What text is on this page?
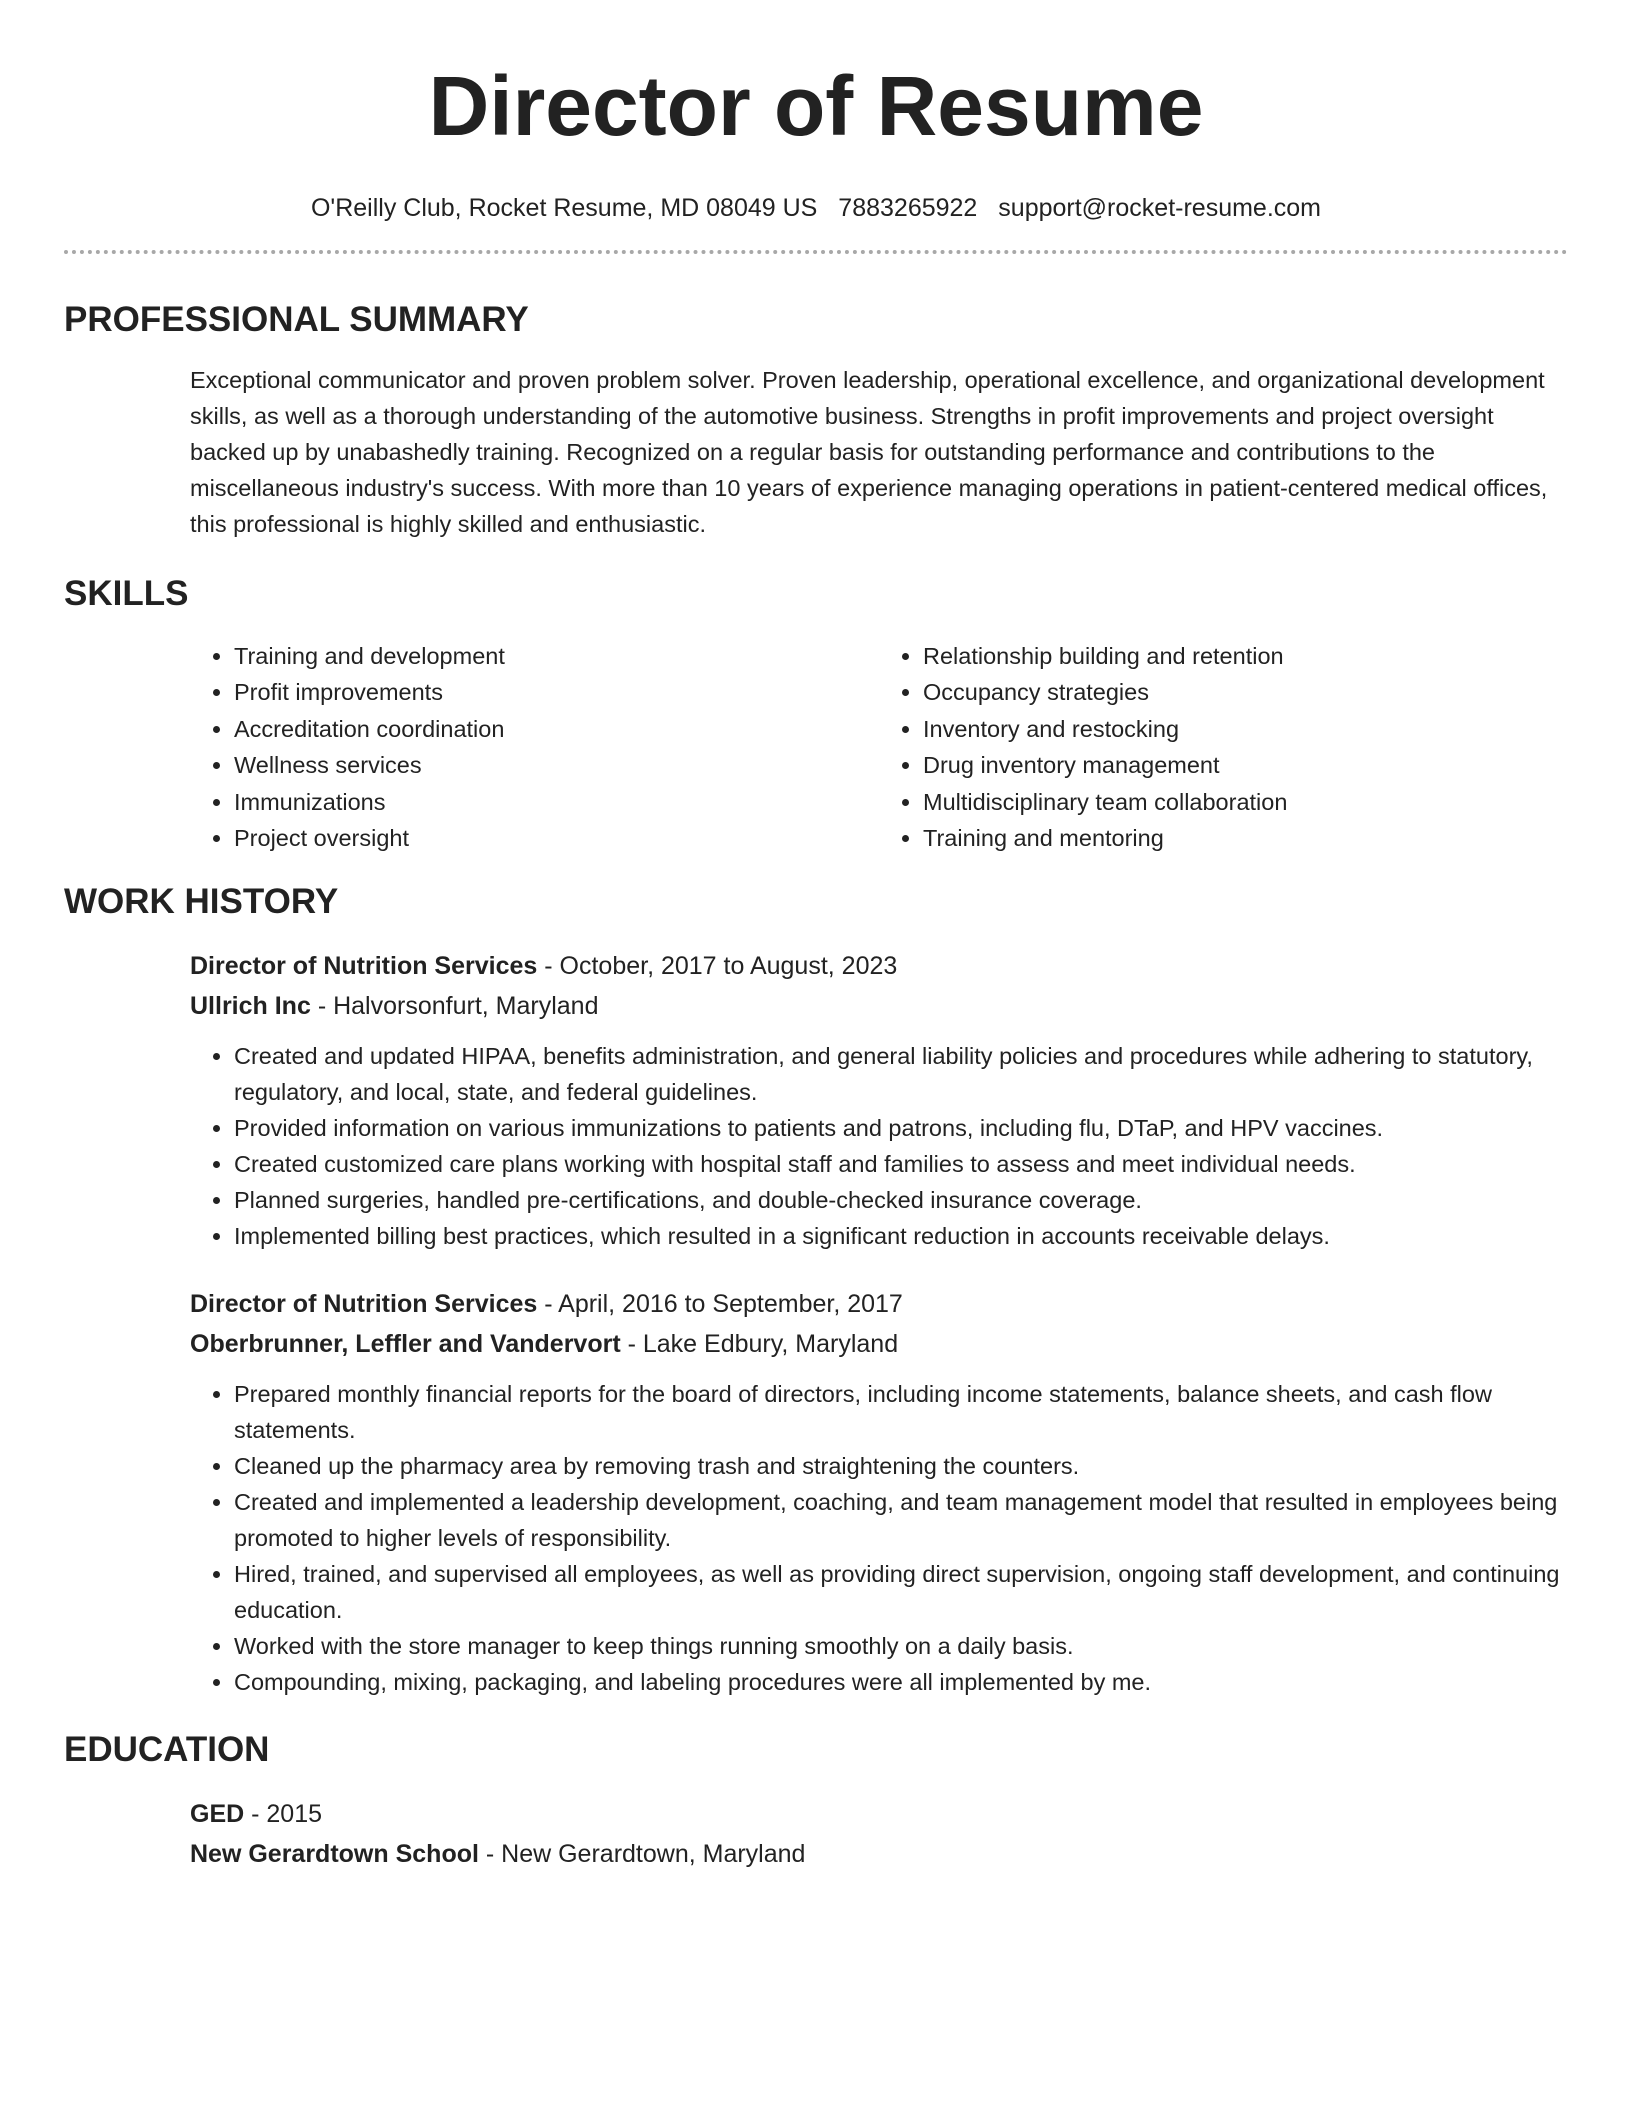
Director of Resume
O'Reilly Club, Rocket Resume, MD 08049 US 7883265922 support@rocket-resume.com
PROFESSIONAL SUMMARY

Exceptional communicator and proven problem solver. Proven leadership, operational excellence, and organizational development skills, as well as a thorough understanding of the automotive business. Strengths in profit improvements and project oversight backed up by unabashedly training. Recognized on a regular basis for outstanding performance and contributions to the miscellaneous industry's success. With more than 10 years of experience managing operations in patient-centered medical offices, this professional is highly skilled and enthusiastic.

SKILLS
• Training and development
• Profit improvements
• Accreditation coordination
• Wellness services
• Immunizations
• Project oversight
• Relationship building and retention
• Occupancy strategies
• Inventory and restocking
• Drug inventory management
• Multidisciplinary team collaboration
• Training and mentoring
WORK HISTORY
Director of Nutrition Services - October, 2017 to August, 2023
Ullrich Inc - Halvorsonfurt, Maryland
• Created and updated HIPAA, benefits administration, and general liability policies and procedures while adhering to statutory, regulatory, and local, state, and federal guidelines.
• Provided information on various immunizations to patients and patrons, including flu, DTaP, and HPV vaccines.
• Created customized care plans working with hospital staff and families to assess and meet individual needs.
• Planned surgeries, handled pre-certifications, and double-checked insurance coverage.
• Implemented billing best practices, which resulted in a significant reduction in accounts receivable delays.
Director of Nutrition Services - April, 2016 to September, 2017
Oberbrunner, Leffler and Vandervort - Lake Edbury, Maryland
• Prepared monthly financial reports for the board of directors, including income statements, balance sheets, and cash flow statements.
• Cleaned up the pharmacy area by removing trash and straightening the counters.
• Created and implemented a leadership development, coaching, and team management model that resulted in employees being promoted to higher levels of responsibility.
• Hired, trained, and supervised all employees, as well as providing direct supervision, ongoing staff development, and continuing education.
• Worked with the store manager to keep things running smoothly on a daily basis.
• Compounding, mixing, packaging, and labeling procedures were all implemented by me.
EDUCATION
GED - 2015
New Gerardtown School - New Gerardtown, Maryland
